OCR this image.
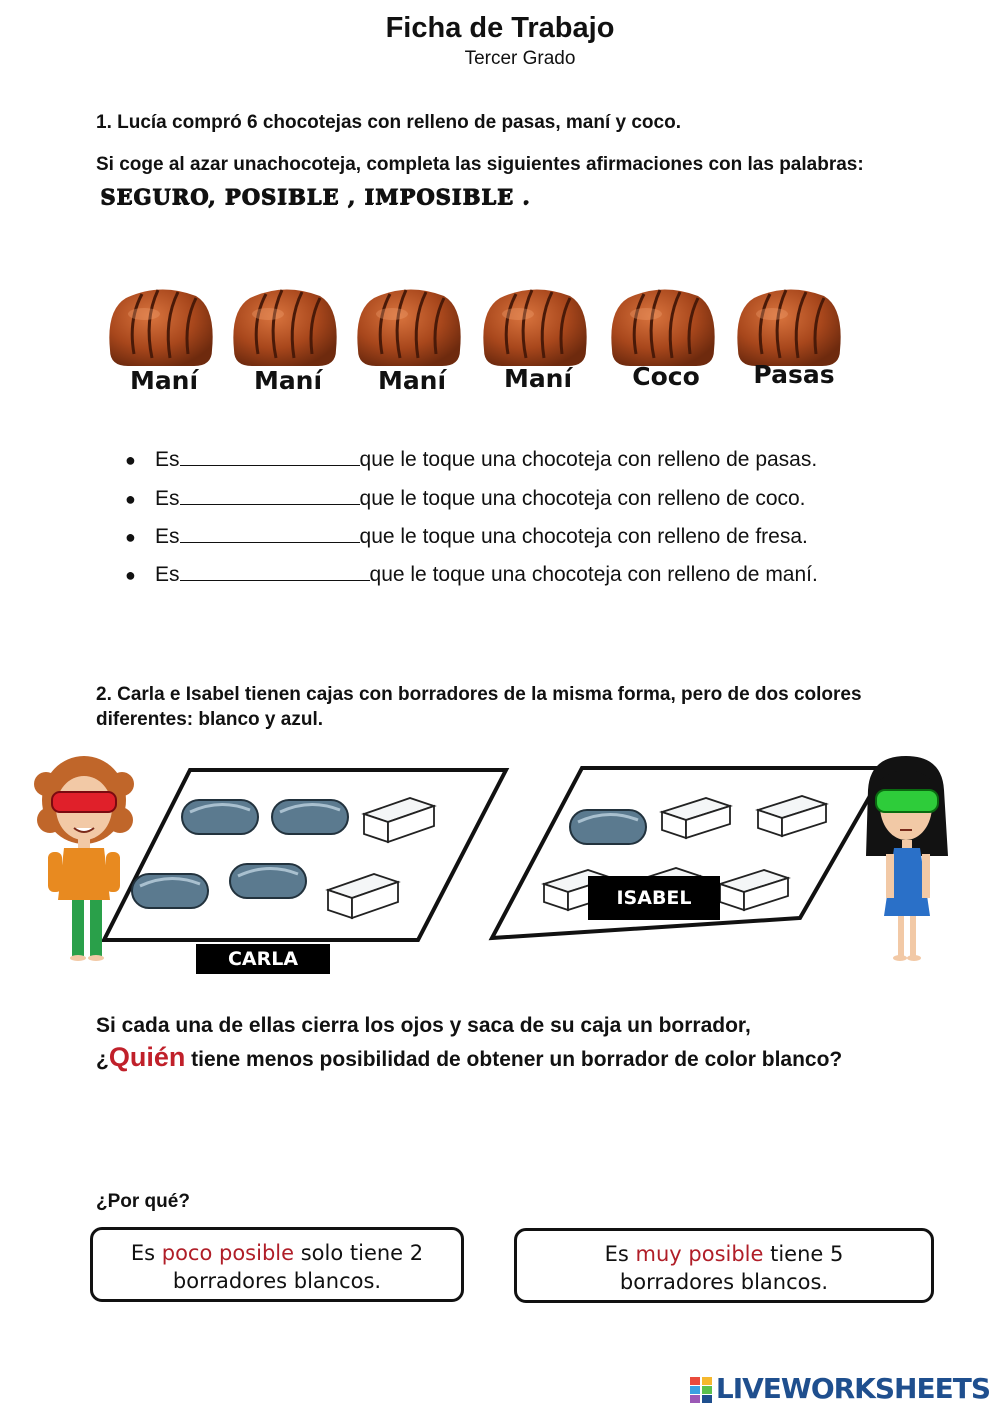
Ficha de Trabajo
Tercer Grado
1. Lucía compró 6 chocotejas con relleno de pasas, maní y coco.
Si coge al azar unachocoteja, completa las siguientes afirmaciones con las palabras:
SEGURO, POSIBLE , IMPOSIBLE .
Maní	Maní	Maní	Maní	Coco	Pasas
● Es	que le toque una chocoteja con relleno de pasas.
● Es	que le toque una chocoteja con relleno de coco.
● Es	que le toque una chocoteja con relleno de fresa.
● Es	que le toque una chocoteja con relleno de maní.
2. Carla e Isabel tienen cajas con borradores de la misma forma, pero de dos colores
diferentes: blanco y azul.
CARLA
ISABEL
Si cada una de ellas cierra los ojos y saca de su caja un borrador,
¿Quién tiene menos posibilidad de obtener un borrador de color blanco?
¿Por qué?
Es poco posible solo tiene 2
borradores blancos.
Es muy posible tiene 5
borradores blancos.
LIVEWORKSHEETS
